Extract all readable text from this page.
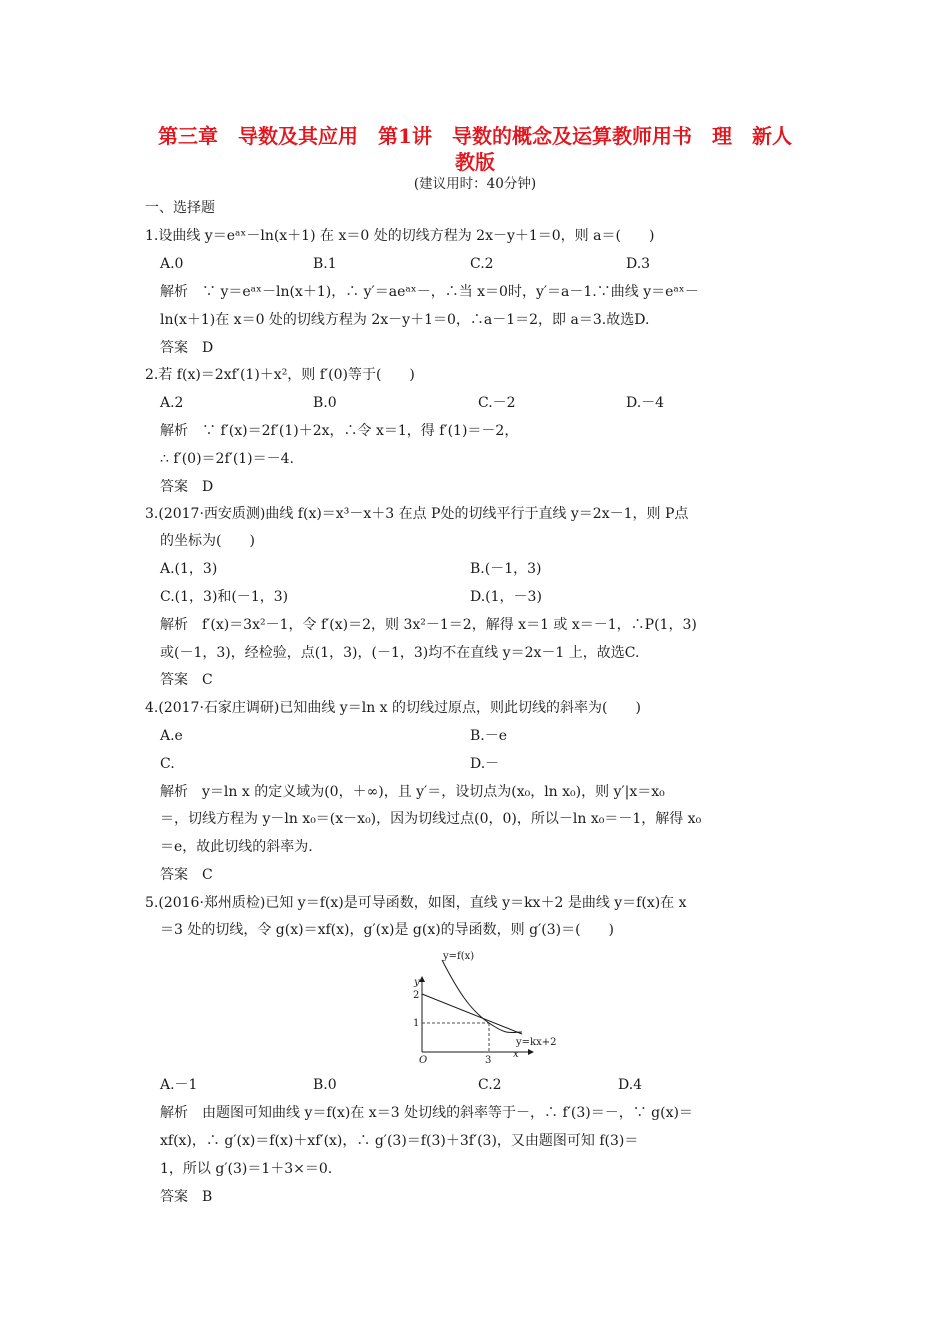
第三章　导数及其应用　第1讲　导数的概念及运算教师用书　理　新人
教版
(建议用时：40分钟)
一、选择题
1.设曲线 y＝eᵃˣ－ln(x＋1) 在 x＝0 处的切线方程为 2x－y＋1＝0，则 a＝(　　)
A.0	B.1	C.2	D.3
解析　∵ y＝eᵃˣ－ln(x＋1)，∴ y′＝aeᵃˣ－，∴当 x＝0时，y′＝a－1.∵曲线 y＝eᵃˣ－
ln(x＋1)在 x＝0 处的切线方程为 2x－y＋1＝0，∴a－1＝2，即 a＝3.故选D.
答案　D
2.若 f(x)＝2xf′(1)＋x²，则 f′(0)等于(　　)
A.2	B.0	C.－2	D.－4
解析　∵ f′(x)＝2f′(1)＋2x，∴令 x＝1，得 f′(1)＝－2，
∴ f′(0)＝2f′(1)＝－4.
答案　D
3.(2017·西安质测)曲线 f(x)＝x³－x＋3 在点 P处的切线平行于直线 y＝2x－1，则 P点
的坐标为(　　)
A.(1，3)	B.(－1，3)
C.(1，3)和(－1，3)	D.(1，－3)
解析　f′(x)＝3x²－1，令 f′(x)＝2，则 3x²－1＝2，解得 x＝1 或 x＝－1，∴P(1，3)
或(－1，3)，经检验，点(1，3)，(－1，3)均不在直线 y＝2x－1 上，故选C.
答案　C
4.(2017·石家庄调研)已知曲线 y＝ln x 的切线过原点，则此切线的斜率为(　　)
A.e	B.－e
C.	D.－
解析　y＝ln x 的定义域为(0，＋∞)，且 y′＝，设切点为(x₀，ln x₀)，则 y′|x＝x₀
＝，切线方程为 y－ln x₀＝(x－x₀)，因为切线过点(0，0)，所以－ln x₀＝－1，解得 x₀
＝e，故此切线的斜率为.
答案　C
5.(2016·郑州质检)已知 y＝f(x)是可导函数，如图，直线 y＝kx＋2 是曲线 y＝f(x)在 x
＝3 处的切线，令 g(x)＝xf(x)，g′(x)是 g(x)的导函数，则 g′(3)＝(　　)
y=f(x)
y
2
1
O	3
x
y=kx+2
A.－1	B.0	C.2	D.4
解析　由题图可知曲线 y＝f(x)在 x＝3 处切线的斜率等于－，∴ f′(3)＝－，∵ g(x)＝
xf(x)，∴ g′(x)＝f(x)＋xf′(x)，∴ g′(3)＝f(3)＋3f′(3)，又由题图可知 f(3)＝
1，所以 g′(3)＝1＋3×＝0.
答案　B
